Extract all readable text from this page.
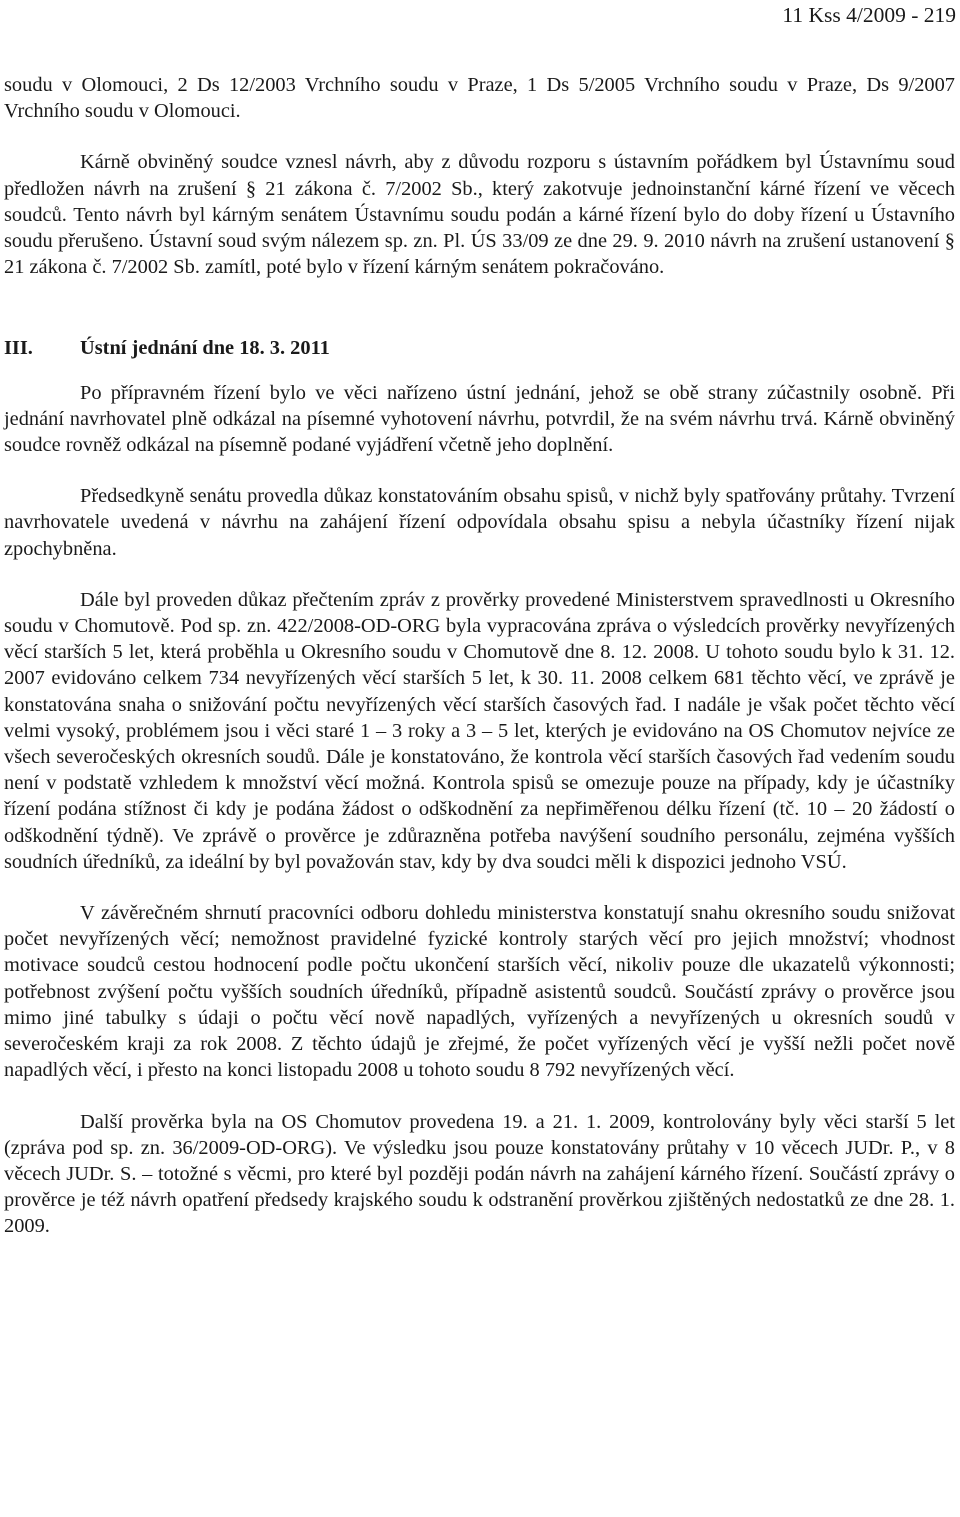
11 Kss 4/2009 - 219

soudu v Olomouci, 2 Ds 12/2003 Vrchního soudu v Praze, 1 Ds 5/2005 Vrchního soudu v Praze, Ds 9/2007 Vrchního soudu v Olomouci.

Kárně obviněný soudce vznesl návrh, aby z důvodu rozporu s ústavním pořádkem byl Ústavnímu soud předložen návrh na zrušení § 21 zákona č. 7/2002 Sb., který zakotvuje jednoinstanční kárné řízení ve věcech soudců. Tento návrh byl kárným senátem Ústavnímu soudu podán a kárné řízení bylo do doby řízení u Ústavního soudu přerušeno. Ústavní soud svým nálezem sp. zn. Pl. ÚS 33/09 ze dne 29. 9. 2010 návrh na zrušení ustanovení § 21 zákona č. 7/2002 Sb. zamítl, poté bylo v řízení kárným senátem pokračováno.

III. Ústní jednání dne 18. 3. 2011

Po přípravném řízení bylo ve věci nařízeno ústní jednání, jehož se obě strany zúčastnily osobně. Při jednání navrhovatel plně odkázal na písemné vyhotovení návrhu, potvrdil, že na svém návrhu trvá. Kárně obviněný soudce rovněž odkázal na písemně podané vyjádření včetně jeho doplnění.

Předsedkyně senátu provedla důkaz konstatováním obsahu spisů, v nichž byly spatřovány průtahy. Tvrzení navrhovatele uvedená v návrhu na zahájení řízení odpovídala obsahu spisu a nebyla účastníky řízení nijak zpochybněna.

Dále byl proveden důkaz přečtením zpráv z prověrky provedené Ministerstvem spravedlnosti u Okresního soudu v Chomutově. Pod sp. zn. 422/2008-OD-ORG byla vypracována zpráva o výsledcích prověrky nevyřízených věcí starších 5 let, která proběhla u Okresního soudu v Chomutově dne 8. 12. 2008. U tohoto soudu bylo k 31. 12. 2007 evidováno celkem 734 nevyřízených věcí starších 5 let, k 30. 11. 2008 celkem 681 těchto věcí, ve zprávě je konstatována snaha o snižování počtu nevyřízených věcí starších časových řad. I nadále je však počet těchto věcí velmi vysoký, problémem jsou i věci staré 1 – 3 roky a 3 – 5 let, kterých je evidováno na OS Chomutov nejvíce ze všech severočeských okresních soudů. Dále je konstatováno, že kontrola věcí starších časových řad vedením soudu není v podstatě vzhledem k množství věcí možná. Kontrola spisů se omezuje pouze na případy, kdy je účastníky řízení podána stížnost či kdy je podána žádost o odškodnění za nepřiměřenou délku řízení (tč. 10 – 20 žádostí o odškodnění týdně). Ve zprávě o prověrce je zdůrazněna potřeba navýšení soudního personálu, zejména vyšších soudních úředníků, za ideální by byl považován stav, kdy by dva soudci měli k dispozici jednoho VSÚ.

V závěrečném shrnutí pracovníci odboru dohledu ministerstva konstatují snahu okresního soudu snižovat počet nevyřízených věcí; nemožnost pravidelné fyzické kontroly starých věcí pro jejich množství; vhodnost motivace soudců cestou hodnocení podle počtu ukončení starších věcí, nikoliv pouze dle ukazatelů výkonnosti; potřebnost zvýšení počtu vyšších soudních úředníků, případně asistentů soudců. Součástí zprávy o prověrce jsou mimo jiné tabulky s údaji o počtu věcí nově napadlých, vyřízených a nevyřízených u okresních soudů v severočeském kraji za rok 2008. Z těchto údajů je zřejmé, že počet vyřízených věcí je vyšší nežli počet nově napadlých věcí, i přesto na konci listopadu 2008 u tohoto soudu 8 792 nevyřízených věcí.

Další prověrka byla na OS Chomutov provedena 19. a 21. 1. 2009, kontrolovány byly věci starší 5 let (zpráva pod sp. zn. 36/2009-OD-ORG). Ve výsledku jsou pouze konstatovány průtahy v 10 věcech JUDr. P., v 8 věcech JUDr. S. – totožné s věcmi, pro které byl později podán návrh na zahájení kárného řízení. Součástí zprávy o prověrce je též návrh opatření předsedy krajského soudu k odstranění prověrkou zjištěných nedostatků ze dne 28. 1. 2009.
